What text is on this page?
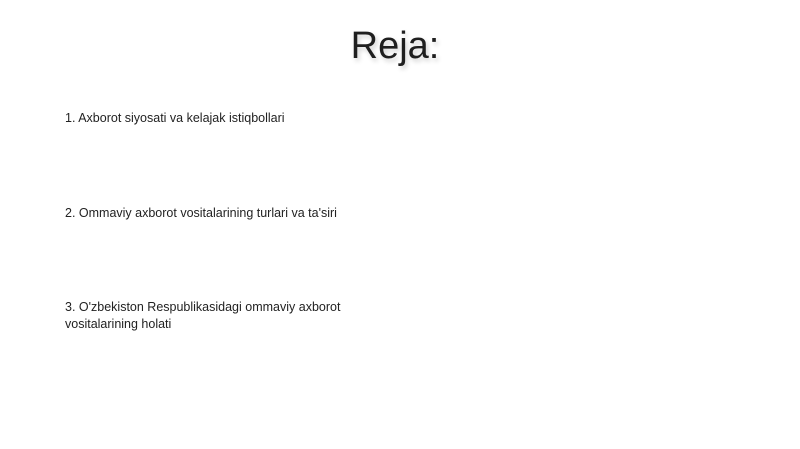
Reja:
1. Axborot siyosati va kelajak istiqbollari
2. Ommaviy axborot vositalarining turlari va ta'siri
3. O'zbekiston Respublikasidagi ommaviy axborot vositalarining holati
